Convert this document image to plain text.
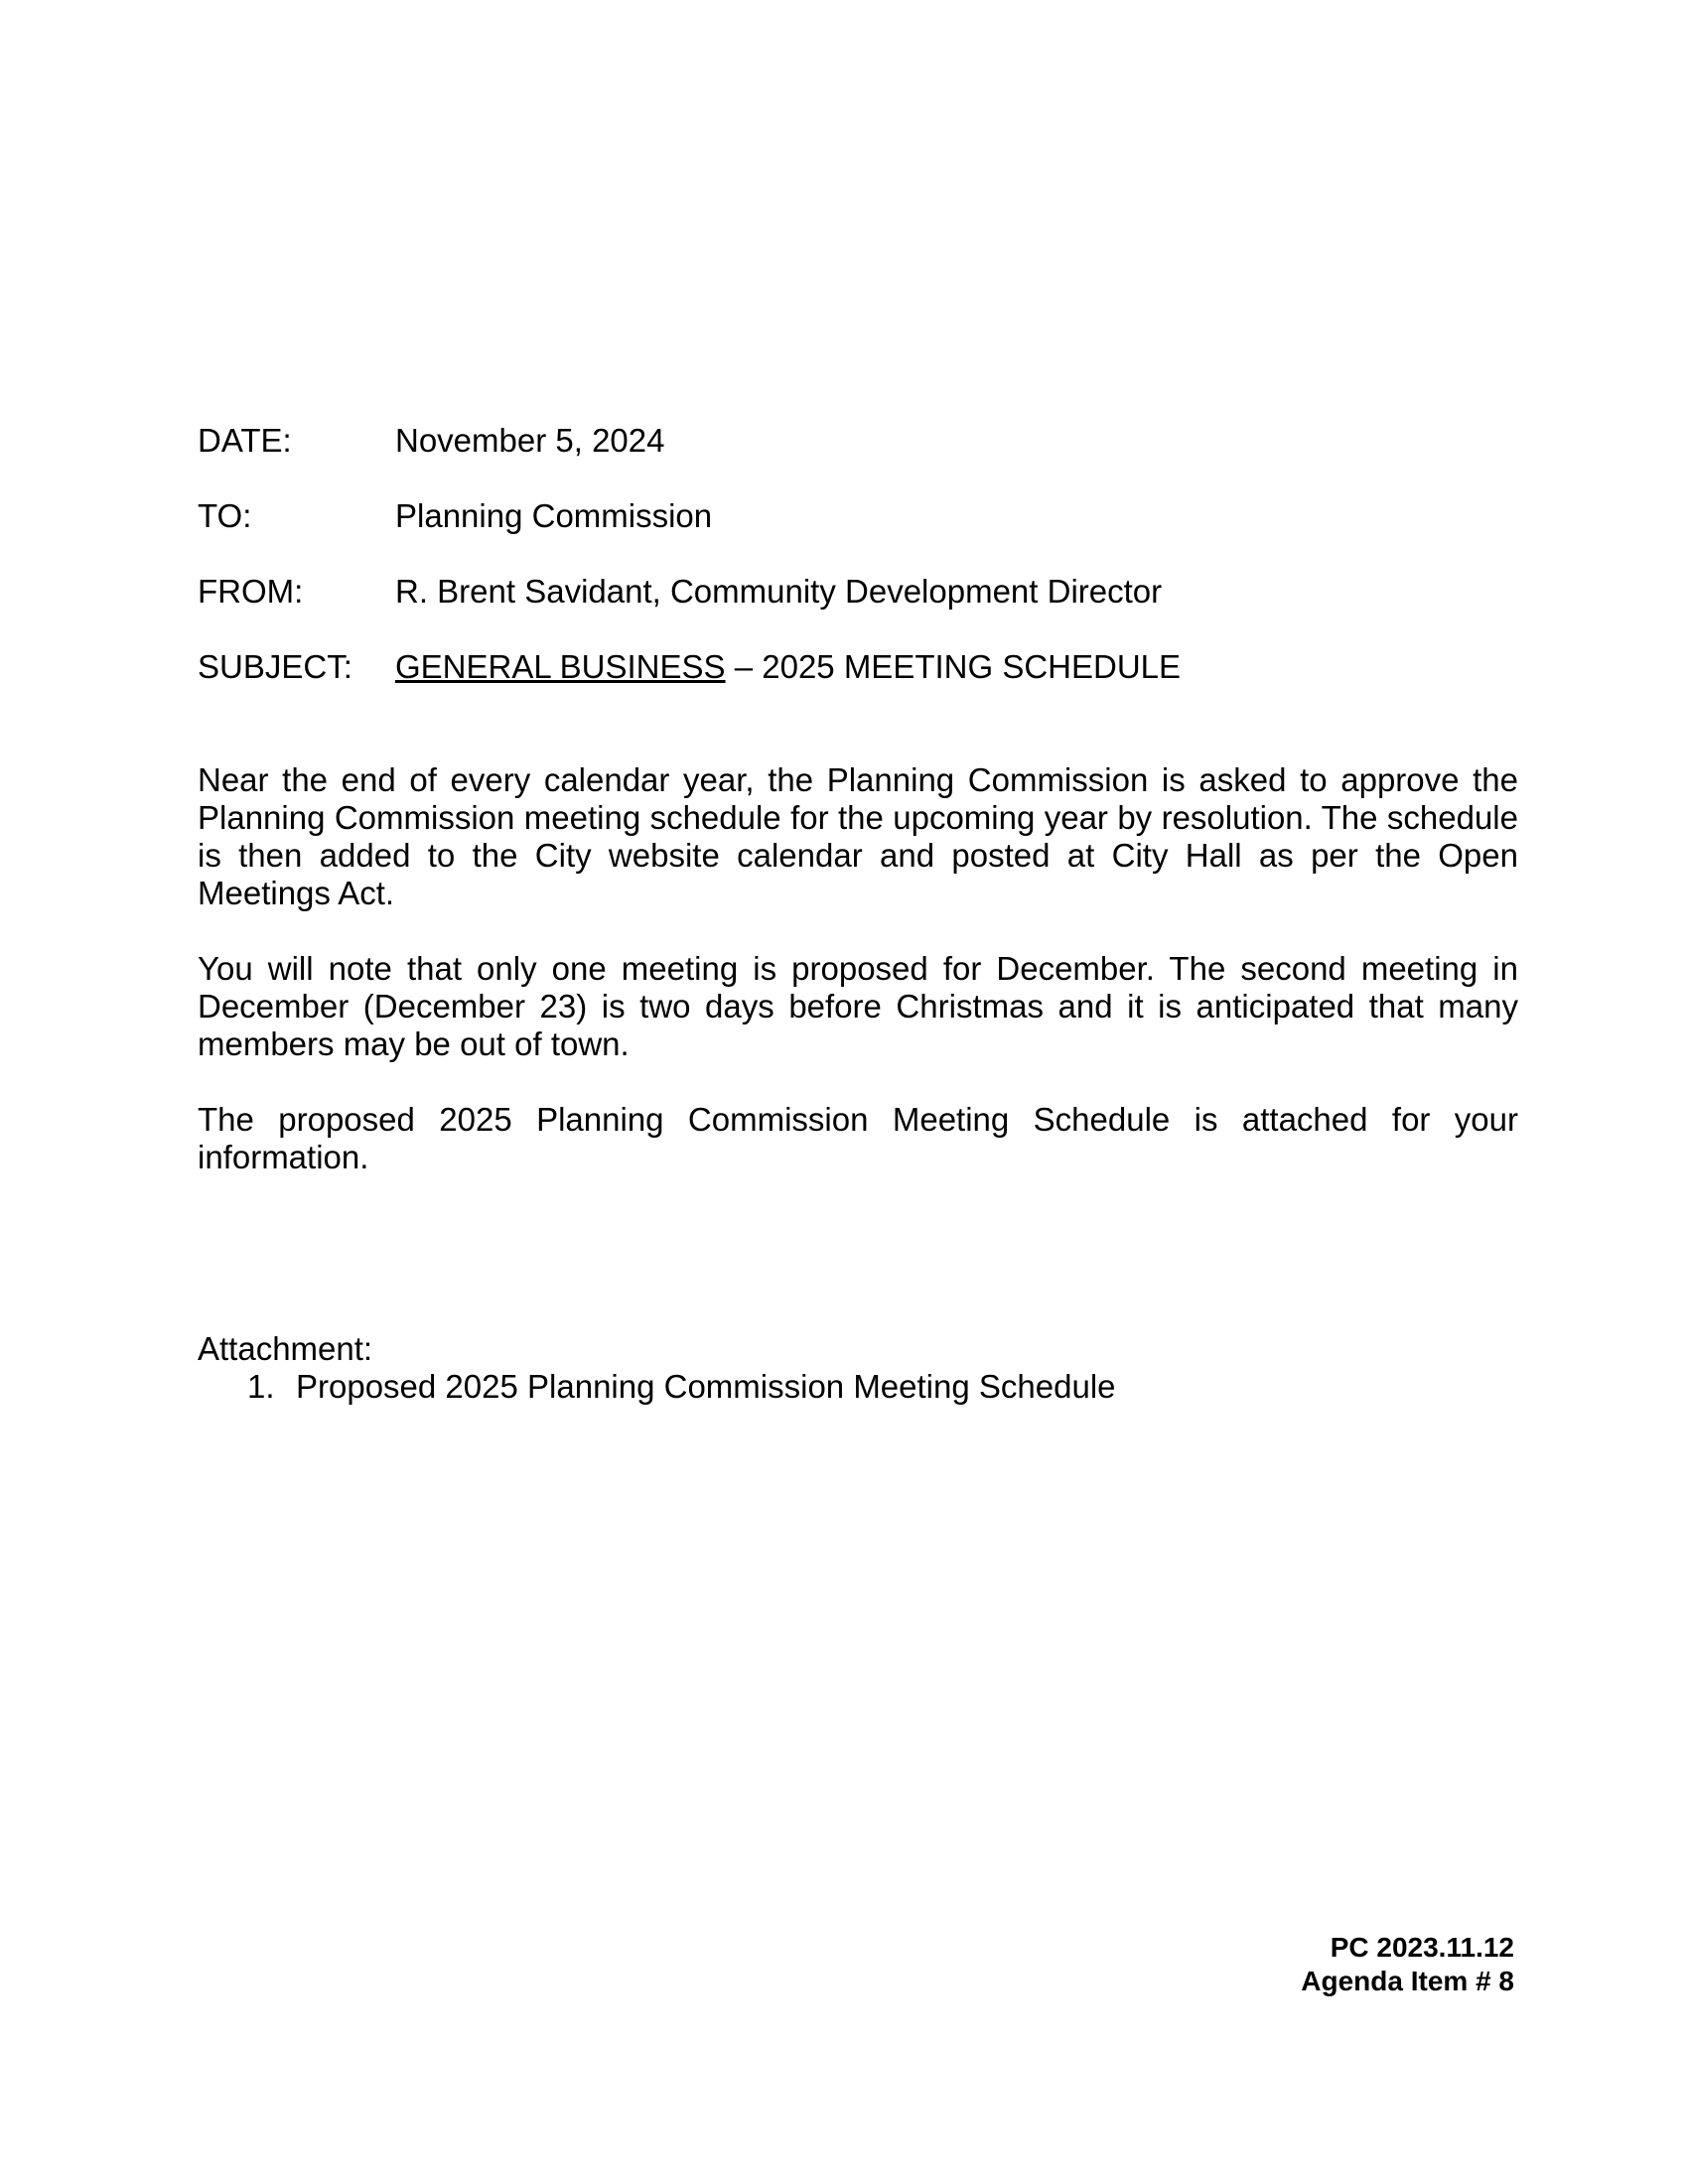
DATE:	November 5, 2024
TO:	Planning Commission
FROM:	R. Brent Savidant, Community Development Director
SUBJECT:	GENERAL BUSINESS – 2025 MEETING SCHEDULE

Near the end of every calendar year, the Planning Commission is asked to approve the Planning Commission meeting schedule for the upcoming year by resolution. The schedule is then added to the City website calendar and posted at City Hall as per the Open Meetings Act.

You will note that only one meeting is proposed for December. The second meeting in December (December 23) is two days before Christmas and it is anticipated that many members may be out of town.

The proposed 2025 Planning Commission Meeting Schedule is attached for your information.

Attachment:
1. Proposed 2025 Planning Commission Meeting Schedule
PC 2023.11.12
Agenda Item # 8
